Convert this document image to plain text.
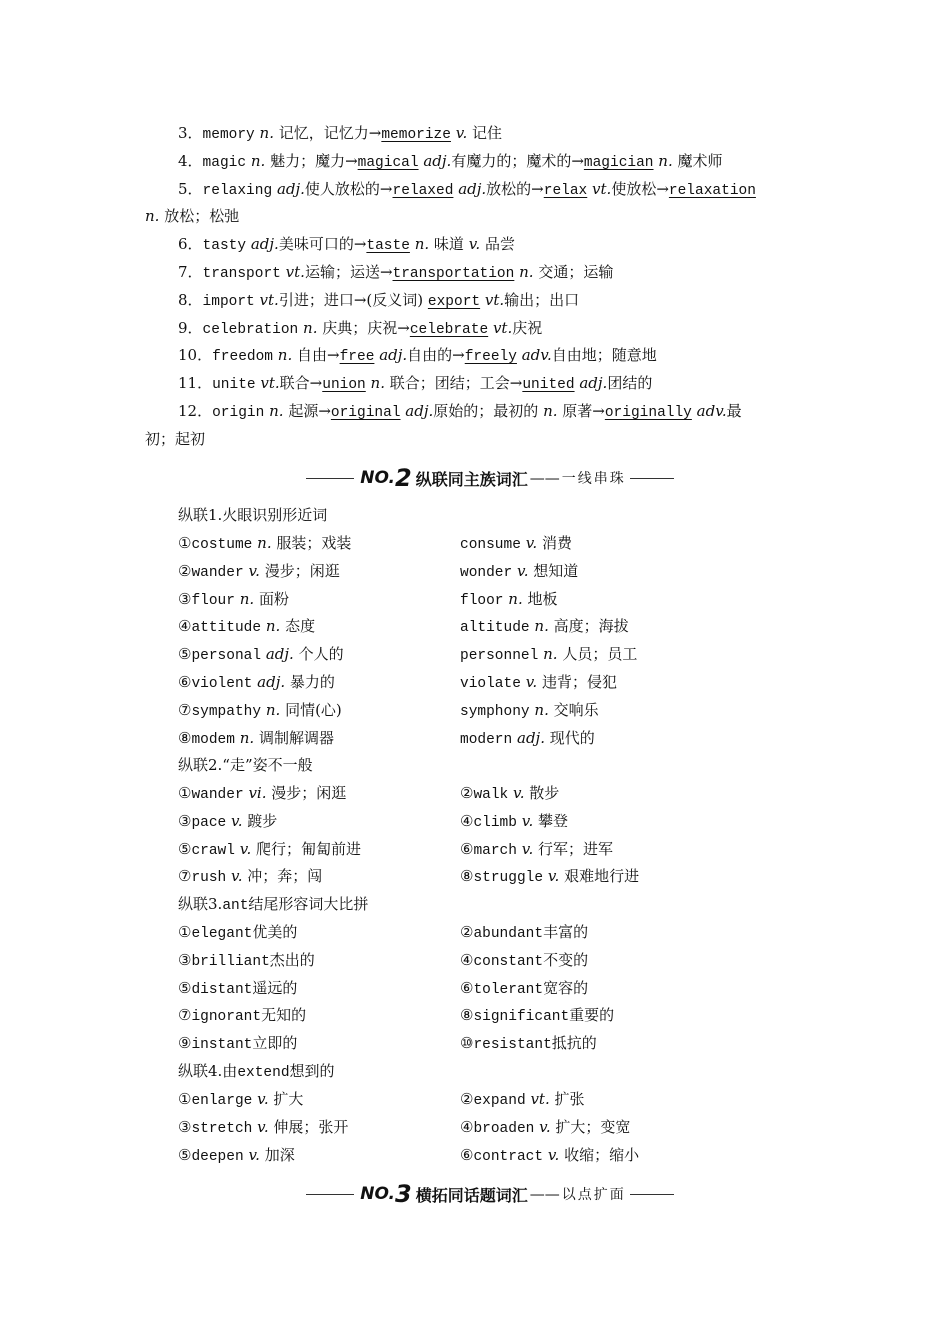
3．memory n. 记忆，记忆力→memorize v. 记住
4．magic n. 魅力；魔力→magical adj.有魔力的；魔术的→magician n. 魔术师
5．relaxing adj.使人放松的→relaxed adj.放松的→relax vt.使放松→relaxation
n. 放松；松弛
6．tasty adj.美味可口的→taste n. 味道 v. 品尝
7．transport vt.运输；运送→transportation n. 交通；运输
8．import vt.引进；进口→(反义词) export vt.输出；出口
9．celebration n. 庆典；庆祝→celebrate vt.庆祝
10．freedom n. 自由→free adj.自由的→freely adv.自由地；随意地
11．unite vt.联合→union n. 联合；团结；工会→united adj.团结的
12．origin n. 起源→original adj.原始的；最初的 n. 原著→originally adv.最
初；起初
NO. 2 纵联同主族词汇 —— 一线串珠
纵联1.火眼识别形近词
纵联2.“走”姿不一般
纵联3.ant结尾形容词大比拼
纵联4.由extend想到的
NO. 3 横拓同话题词汇 —— 以点扩面
①costume n. 服装；戏装	consume v. 消费
②wander v. 漫步；闲逛	wonder v. 想知道
③flour n. 面粉	floor n. 地板
④attitude n. 态度	altitude n. 高度；海拔
⑤personal adj. 个人的	personnel n. 人员；员工
⑥violent adj. 暴力的	violate v. 违背；侵犯
⑦sympathy n. 同情(心)	symphony n. 交响乐
⑧modem n. 调制解调器	modern adj. 现代的
①wander vi. 漫步；闲逛	②walk v. 散步
③pace v. 踱步	④climb v. 攀登
⑤crawl v. 爬行；匍匐前进	⑥march v. 行军；进军
⑦rush v. 冲；奔；闯	⑧struggle v. 艰难地行进
①elegant优美的	②abundant丰富的
③brilliant杰出的	④constant不变的
⑤distant遥远的	⑥tolerant宽容的
⑦ignorant无知的	⑧significant重要的
⑨instant立即的	⑩resistant抵抗的
①enlarge v. 扩大	②expand vt. 扩张
③stretch v. 伸展；张开	④broaden v. 扩大；变宽
⑤deepen v. 加深	⑥contract v. 收缩；缩小
